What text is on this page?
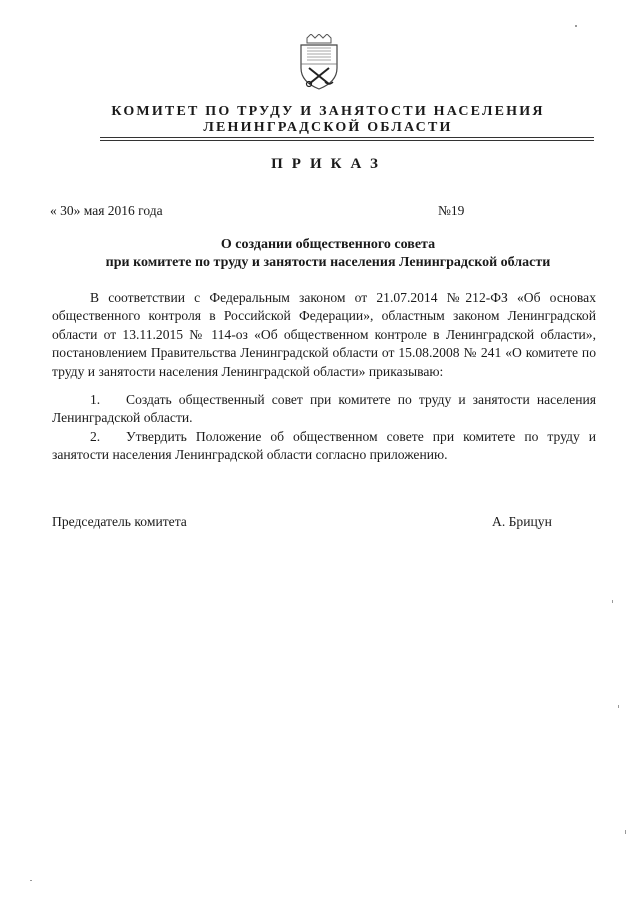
КОМИТЕТ ПО ТРУДУ И ЗАНЯТОСТИ НАСЕЛЕНИЯ
ЛЕНИНГРАДСКОЙ ОБЛАСТИ
ПРИКАЗ
« 30» мая 2016 года	№19
О создании общественного совета
при комитете по труду и занятости населения Ленинградской области
В соответствии с Федеральным законом от 21.07.2014 №212-ФЗ «Об основах общественного контроля в Российской Федерации», областным законом Ленинградской области от 13.11.2015 № 114-оз «Об общественном контроле в Ленинградской области», постановлением Правительства Ленинградской области от 15.08.2008 № 241 «О комитете по труду и занятости населения Ленинградской области» приказываю:
1. Создать общественный совет при комитете по труду и занятости населения Ленинградской области.
2. Утвердить Положение об общественном совете при комитете по труду и занятости населения Ленинградской области согласно приложению.
Председатель комитета	А. Брицун
